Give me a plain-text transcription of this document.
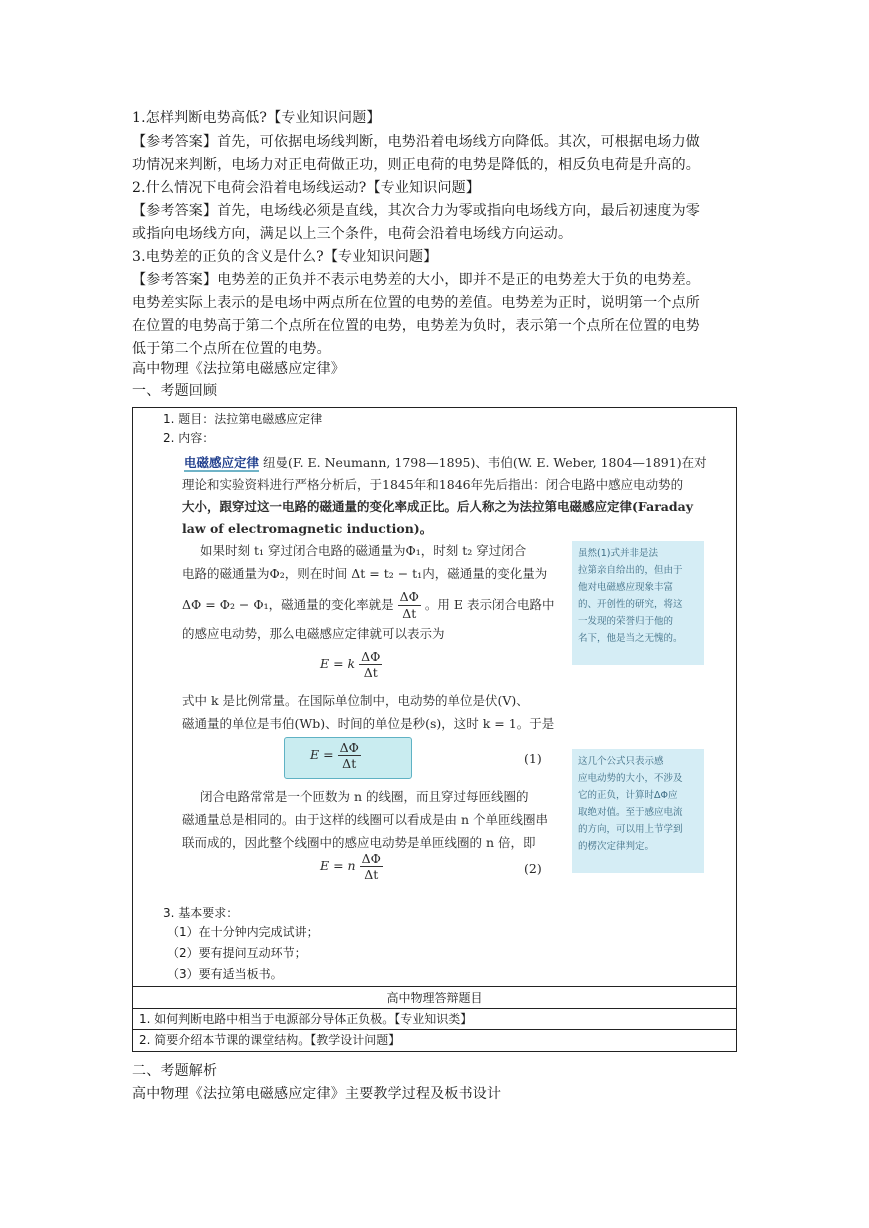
1.怎样判断电势高低?【专业知识问题】
【参考答案】首先，可依据电场线判断，电势沿着电场线方向降低。其次，可根据电场力做
功情况来判断，电场力对正电荷做正功，则正电荷的电势是降低的，相反负电荷是升高的。
2.什么情况下电荷会沿着电场线运动?【专业知识问题】
【参考答案】首先，电场线必须是直线，其次合力为零或指向电场线方向，最后初速度为零
或指向电场线方向，满足以上三个条件，电荷会沿着电场线方向运动。
3.电势差的正负的含义是什么?【专业知识问题】
【参考答案】电势差的正负并不表示电势差的大小，即并不是正的电势差大于负的电势差。
电势差实际上表示的是电场中两点所在位置的电势的差值。电势差为正时，说明第一个点所
在位置的电势高于第二个点所在位置的电势，电势差为负时，表示第一个点所在位置的电势
低于第二个点所在位置的电势。
高中物理《法拉第电磁感应定律》
一、考题回顾
1. 题目：法拉第电磁感应定律
2. 内容：
3. 基本要求：
（1）在十分钟内完成试讲；
（2）要有提问互动环节；
（3）要有适当板书。
高中物理答辩题目
1. 如何判断电路中相当于电源部分导体正负极。【专业知识类】
2. 简要介绍本节课的课堂结构。【教学设计问题】
电磁感应定律 纽曼(F. E. Neumann, 1798—1895)、韦伯(W. E. Weber, 1804—1891)在对
理论和实验资料进行严格分析后，于1845年和1846年先后指出：闭合电路中感应电动势的
大小，跟穿过这一电路的磁通量的变化率成正比。后人称之为法拉第电磁感应定律(Faraday
law of electromagnetic induction)。
如果时刻 t₁ 穿过闭合电路的磁通量为Φ₁，时刻 t₂ 穿过闭合
电路的磁通量为Φ₂，则在时间 Δt = t₂ − t₁内，磁通量的变化量为
ΔΦ = Φ₂ − Φ₁，磁通量的变化率就是 $\frac{\Delta\Phi}{\Delta t}$ 。用 E 表示闭合电路中
的感应电动势，那么电磁感应定律就可以表示为
E = k $\frac{\Delta\Phi}{\Delta t}$
式中 k 是比例常量。在国际单位制中，电动势的单位是伏(V)、
磁通量的单位是韦伯(Wb)、时间的单位是秒(s)，这时 k = 1。于是
$E = \frac{\Delta\Phi}{\Delta t}$	(1)
闭合电路常常是一个匝数为 n 的线圈，而且穿过每匝线圈的
磁通量总是相同的。由于这样的线圈可以看成是由 n 个单匝线圈串
联而成的，因此整个线圈中的感应电动势是单匝线圈的 n 倍，即
E = n $\frac{\Delta\Phi}{\Delta t}$	(2)
虽然(1)式并非是法
拉第亲自给出的，但由于
他对电磁感应现象丰富
的、开创性的研究，将这
一发现的荣誉归于他的
名下，他是当之无愧的。
这几个公式只表示感
应电动势的大小，不涉及
它的正负，计算时ΔΦ应
取绝对值。至于感应电流
的方向，可以用上节学到
的楞次定律判定。
二、考题解析
高中物理《法拉第电磁感应定律》主要教学过程及板书设计
